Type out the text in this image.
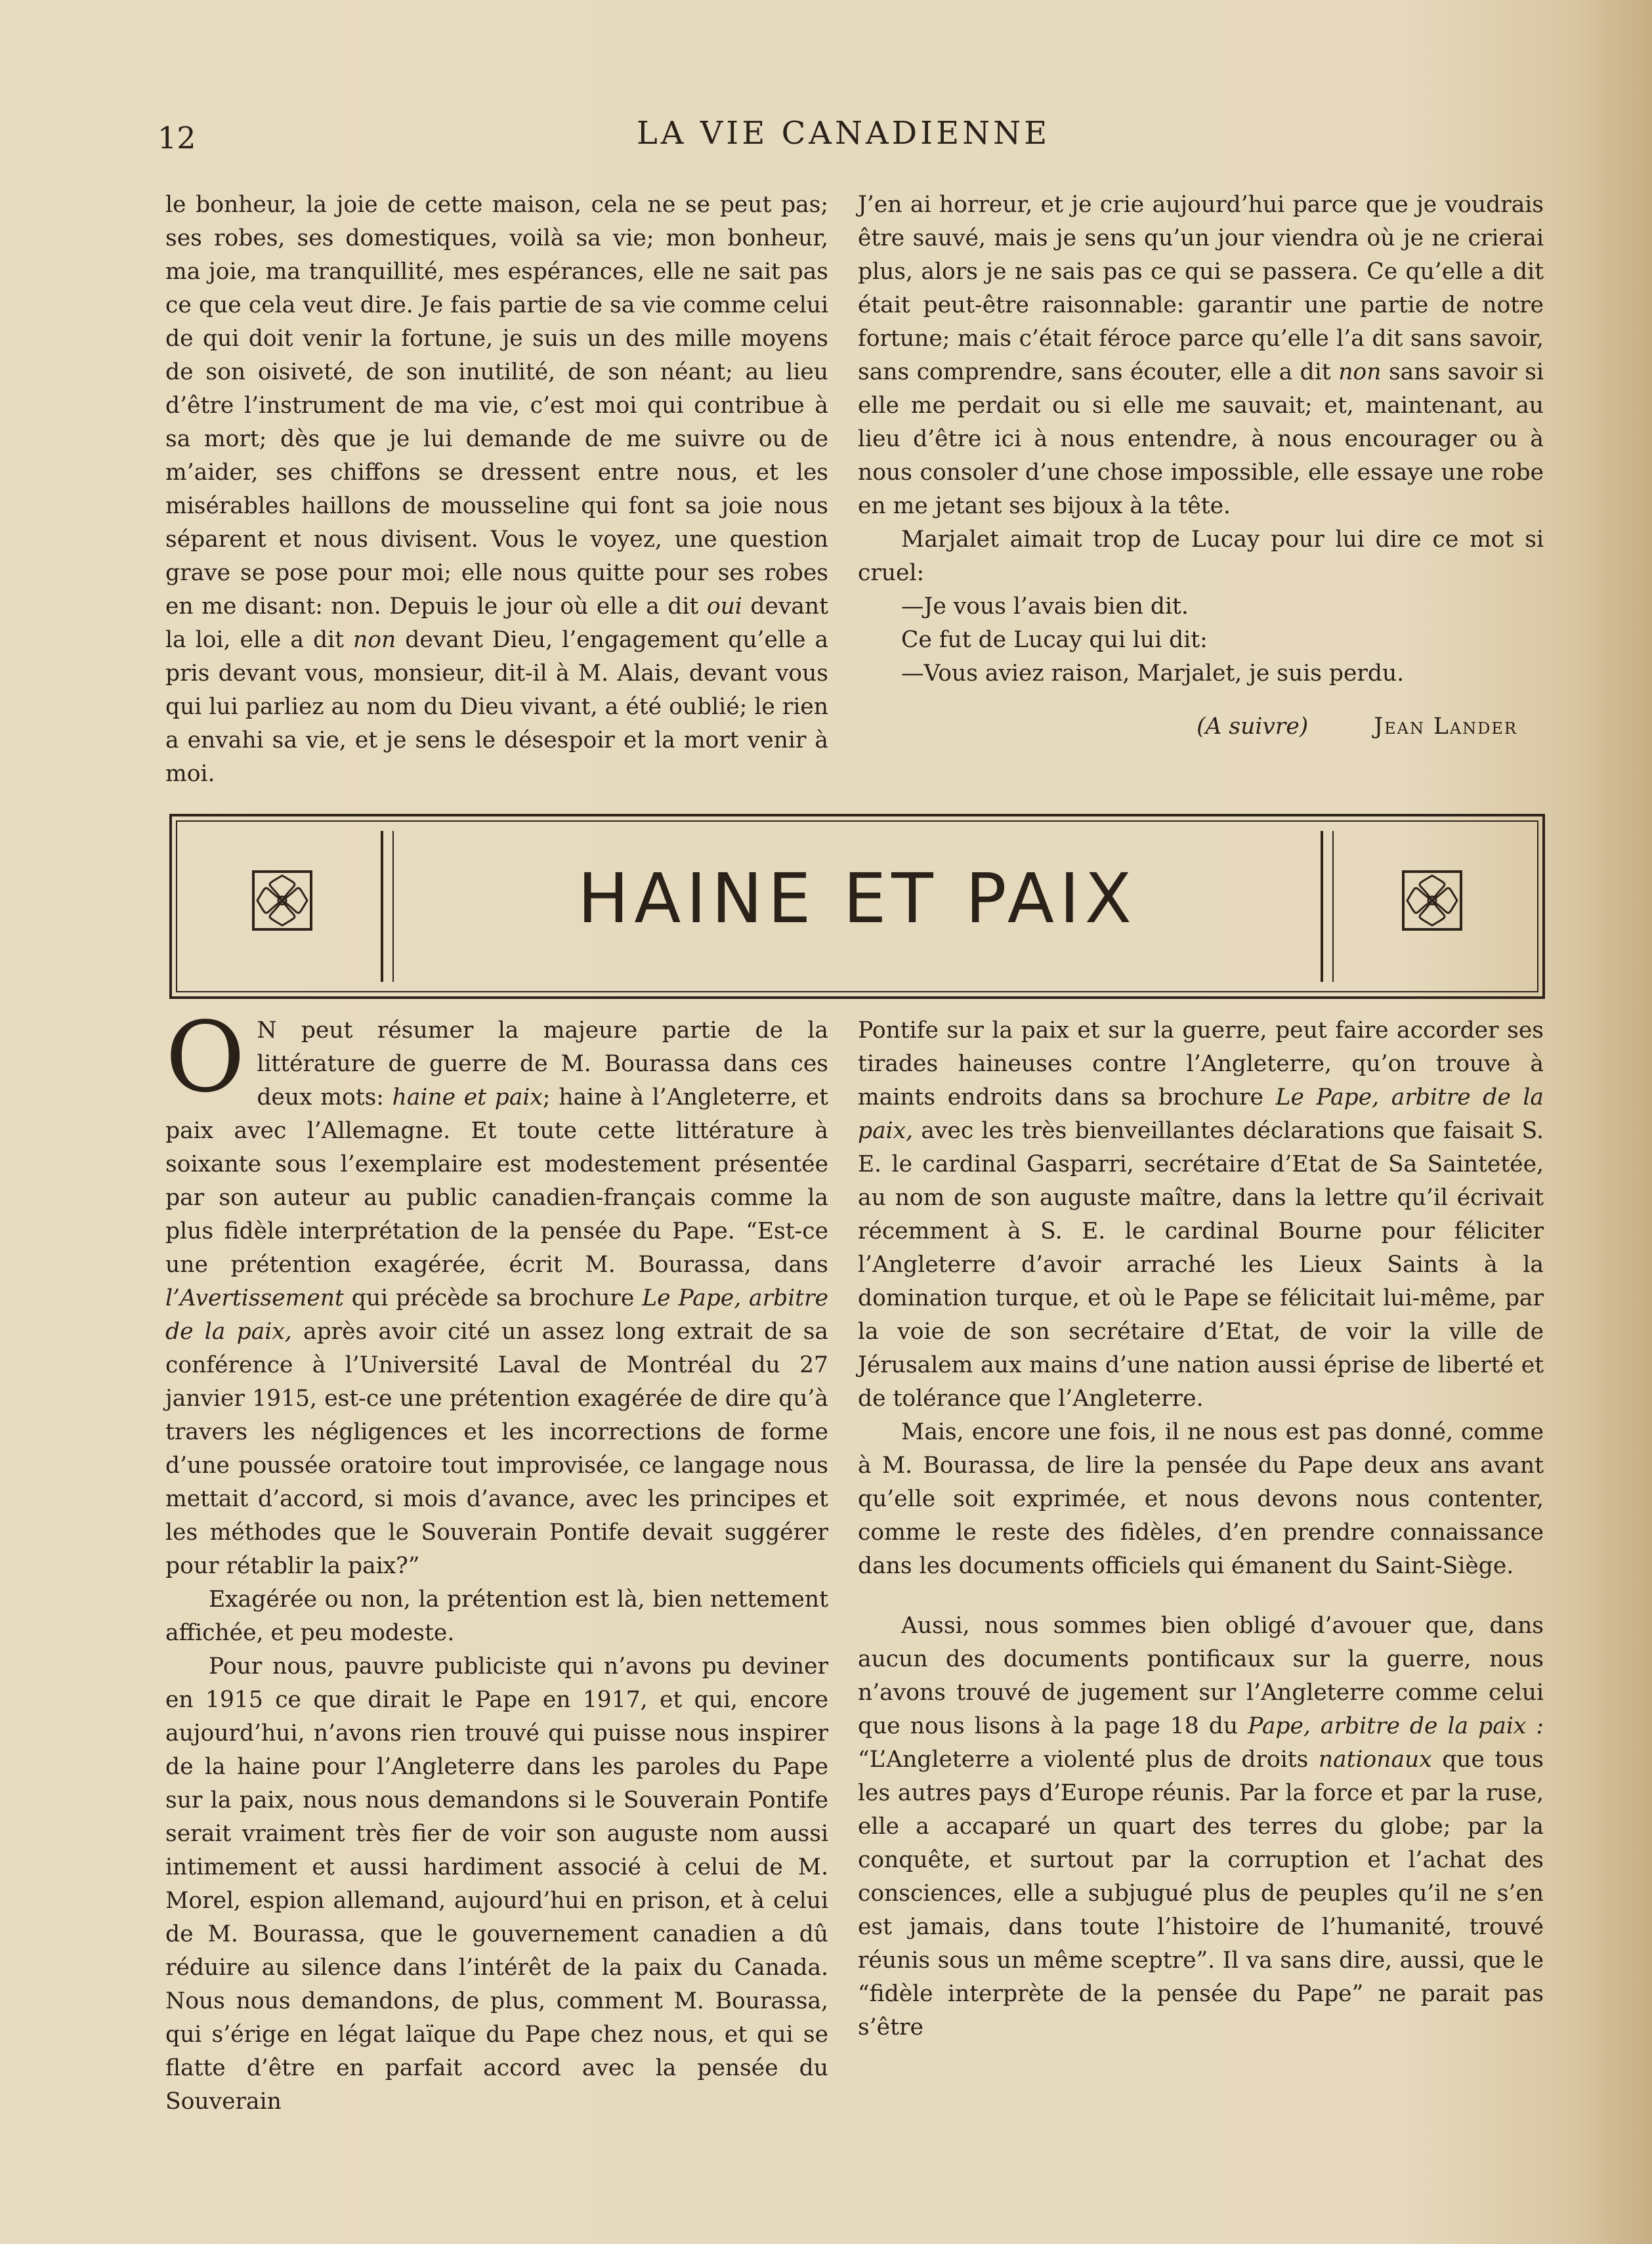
12	LA VIE CANADIENNE

le bonheur, la joie de cette maison, cela ne se peut pas; ses robes, ses domestiques, voilà sa vie; mon bonheur, ma joie, ma tranquillité, mes espérances, elle ne sait pas ce que cela veut dire. Je fais partie de sa vie comme celui de qui doit venir la fortune, je suis un des mille moyens de son oisiveté, de son inutilité, de son néant; au lieu d’être l’instrument de ma vie, c’est moi qui contribue à sa mort; dès que je lui demande de me suivre ou de m’aider, ses chiffons se dressent entre nous, et les misérables haillons de mousseline qui font sa joie nous séparent et nous divisent. Vous le voyez, une question grave se pose pour moi; elle nous quitte pour ses robes en me disant: non. Depuis le jour où elle a dit oui devant la loi, elle a dit non devant Dieu, l’engagement qu’elle a pris devant vous, monsieur, dit-il à M. Alais, devant vous qui lui parliez au nom du Dieu vivant, a été oublié; le rien a envahi sa vie, et je sens le désespoir et la mort venir à moi.

J’en ai horreur, et je crie aujourd’hui parce que je voudrais être sauvé, mais je sens qu’un jour viendra où je ne crierai plus, alors je ne sais pas ce qui se passera. Ce qu’elle a dit était peut-être raisonnable: garantir une partie de notre fortune; mais c’était féroce parce qu’elle l’a dit sans savoir, sans comprendre, sans écouter, elle a dit non sans savoir si elle me perdait ou si elle me sauvait; et, maintenant, au lieu d’être ici à nous entendre, à nous encourager ou à nous consoler d’une chose impossible, elle essaye une robe en me jetant ses bijoux à la tête.

Marjalet aimait trop de Lucay pour lui dire ce mot si cruel:

—Je vous l’avais bien dit.

Ce fut de Lucay qui lui dit:

—Vous aviez raison, Marjalet, je suis perdu.

(A suivre)	Jean Lander
HAINE ET PAIX

O N peut résumer la majeure partie de la littérature de guerre de M. Bourassa dans ces deux mots: haine et paix; haine à l’Angleterre, et paix avec l’Allemagne. Et toute cette littérature à soixante sous l’exemplaire est modestement présentée par son auteur au public canadien-français comme la plus fidèle interprétation de la pensée du Pape. “Est-ce une prétention exagérée, écrit M. Bourassa, dans l’Avertissement qui précède sa brochure Le Pape, arbitre de la paix, après avoir cité un assez long extrait de sa conférence à l’Université Laval de Montréal du 27 janvier 1915, est-ce une prétention exagérée de dire qu’à travers les négligences et les incorrections de forme d’une poussée oratoire tout improvisée, ce langage nous mettait d’accord, si mois d’avance, avec les principes et les méthodes que le Souverain Pontife devait suggérer pour rétablir la paix?”

Exagérée ou non, la prétention est là, bien nettement affichée, et peu modeste.

Pour nous, pauvre publiciste qui n’avons pu deviner en 1915 ce que dirait le Pape en 1917, et qui, encore aujourd’hui, n’avons rien trouvé qui puisse nous inspirer de la haine pour l’Angleterre dans les paroles du Pape sur la paix, nous nous demandons si le Souverain Pontife serait vraiment très fier de voir son auguste nom aussi intimement et aussi hardiment associé à celui de M. Morel, espion allemand, aujourd’hui en prison, et à celui de M. Bourassa, que le gouvernement canadien a dû réduire au silence dans l’intérêt de la paix du Canada. Nous nous demandons, de plus, comment M. Bourassa, qui s’érige en légat laïque du Pape chez nous, et qui se flatte d’être en parfait accord avec la pensée du Souverain

Pontife sur la paix et sur la guerre, peut faire accorder ses tirades haineuses contre l’Angleterre, qu’on trouve à maints endroits dans sa brochure Le Pape, arbitre de la paix, avec les très bienveillantes déclarations que faisait S. E. le cardinal Gasparri, secrétaire d’Etat de Sa Saintetée, au nom de son auguste maître, dans la lettre qu’il écrivait récemment à S. E. le cardinal Bourne pour féliciter l’Angleterre d’avoir arraché les Lieux Saints à la domination turque, et où le Pape se félicitait lui-même, par la voie de son secrétaire d’Etat, de voir la ville de Jérusalem aux mains d’une nation aussi éprise de liberté et de tolérance que l’Angleterre.

Mais, encore une fois, il ne nous est pas donné, comme à M. Bourassa, de lire la pensée du Pape deux ans avant qu’elle soit exprimée, et nous devons nous contenter, comme le reste des fidèles, d’en prendre connaissance dans les documents officiels qui émanent du Saint-Siège.

Aussi, nous sommes bien obligé d’avouer que, dans aucun des documents pontificaux sur la guerre, nous n’avons trouvé de jugement sur l’Angleterre comme celui que nous lisons à la page 18 du Pape, arbitre de la paix : “L’Angleterre a violenté plus de droits nationaux que tous les autres pays d’Europe réunis. Par la force et par la ruse, elle a accaparé un quart des terres du globe; par la conquête, et surtout par la corruption et l’achat des consciences, elle a subjugué plus de peuples qu’il ne s’en est jamais, dans toute l’histoire de l’humanité, trouvé réunis sous un même sceptre”. Il va sans dire, aussi, que le “fidèle interprète de la pensée du Pape” ne parait pas s’être
